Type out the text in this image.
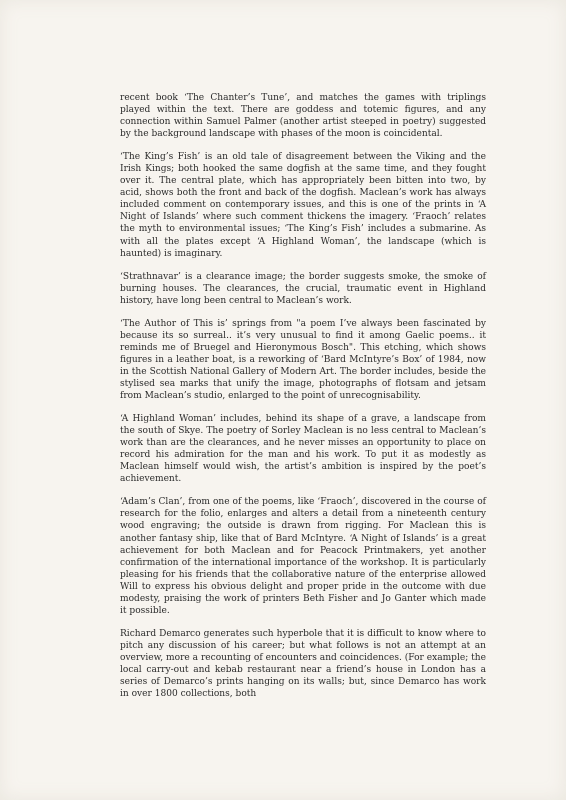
recent book ‘The Chanter’s Tune’, and matches the games with triplings played within the text. There are goddess and totemic figures, and any connection within Samuel Palmer (another artist steeped in poetry) suggested by the background landscape with phases of the moon is coincidental.

‘The King’s Fish’ is an old tale of disagreement between the Viking and the Irish Kings; both hooked the same dogfish at the same time, and they fought over it. The central plate, which has appropriately been bitten into two, by acid, shows both the front and back of the dogfish. Maclean’s work has always included comment on contemporary issues, and this is one of the prints in ‘A Night of Islands’ where such comment thickens the imagery. ‘Fraoch’ relates the myth to environmental issues; ‘The King’s Fish’ includes a submarine. As with all the plates except ‘A Highland Woman’, the landscape (which is haunted) is imaginary.

‘Strathnavar’ is a clearance image; the border suggests smoke, the smoke of burning houses. The clearances, the crucial, traumatic event in Highland history, have long been central to Maclean’s work.

‘The Author of This is’ springs from "a poem I’ve always been fascinated by because its so surreal.. it’s very unusual to find it among Gaelic poems.. it reminds me of Bruegel and Hieronymous Bosch". This etching, which shows figures in a leather boat, is a reworking of ‘Bard McIntyre’s Box’ of 1984, now in the Scottish National Gallery of Modern Art. The border includes, beside the stylised sea marks that unify the image, photographs of flotsam and jetsam from Maclean’s studio, enlarged to the point of unrecognisability.

‘A Highland Woman’ includes, behind its shape of a grave, a landscape from the south of Skye. The poetry of Sorley Maclean is no less central to Maclean’s work than are the clearances, and he never misses an opportunity to place on record his admiration for the man and his work. To put it as modestly as Maclean himself would wish, the artist’s ambition is inspired by the poet’s achievement.

‘Adam’s Clan’, from one of the poems, like ‘Fraoch’, discovered in the course of research for the folio, enlarges and alters a detail from a nineteenth century wood engraving; the outside is drawn from rigging. For Maclean this is another fantasy ship, like that of Bard McIntyre. ‘A Night of Islands’ is a great achievement for both Maclean and for Peacock Printmakers, yet another confirmation of the international importance of the workshop. It is particularly pleasing for his friends that the collaborative nature of the enterprise allowed Will to express his obvious delight and proper pride in the outcome with due modesty, praising the work of printers Beth Fisher and Jo Ganter which made it possible.

Richard Demarco generates such hyperbole that it is difficult to know where to pitch any discussion of his career; but what follows is not an attempt at an overview, more a recounting of encounters and coincidences. (For example; the local carry-out and kebab restaurant near a friend’s house in London has a series of Demarco’s prints hanging on its walls; but, since Demarco has work in over 1800 collections, both
